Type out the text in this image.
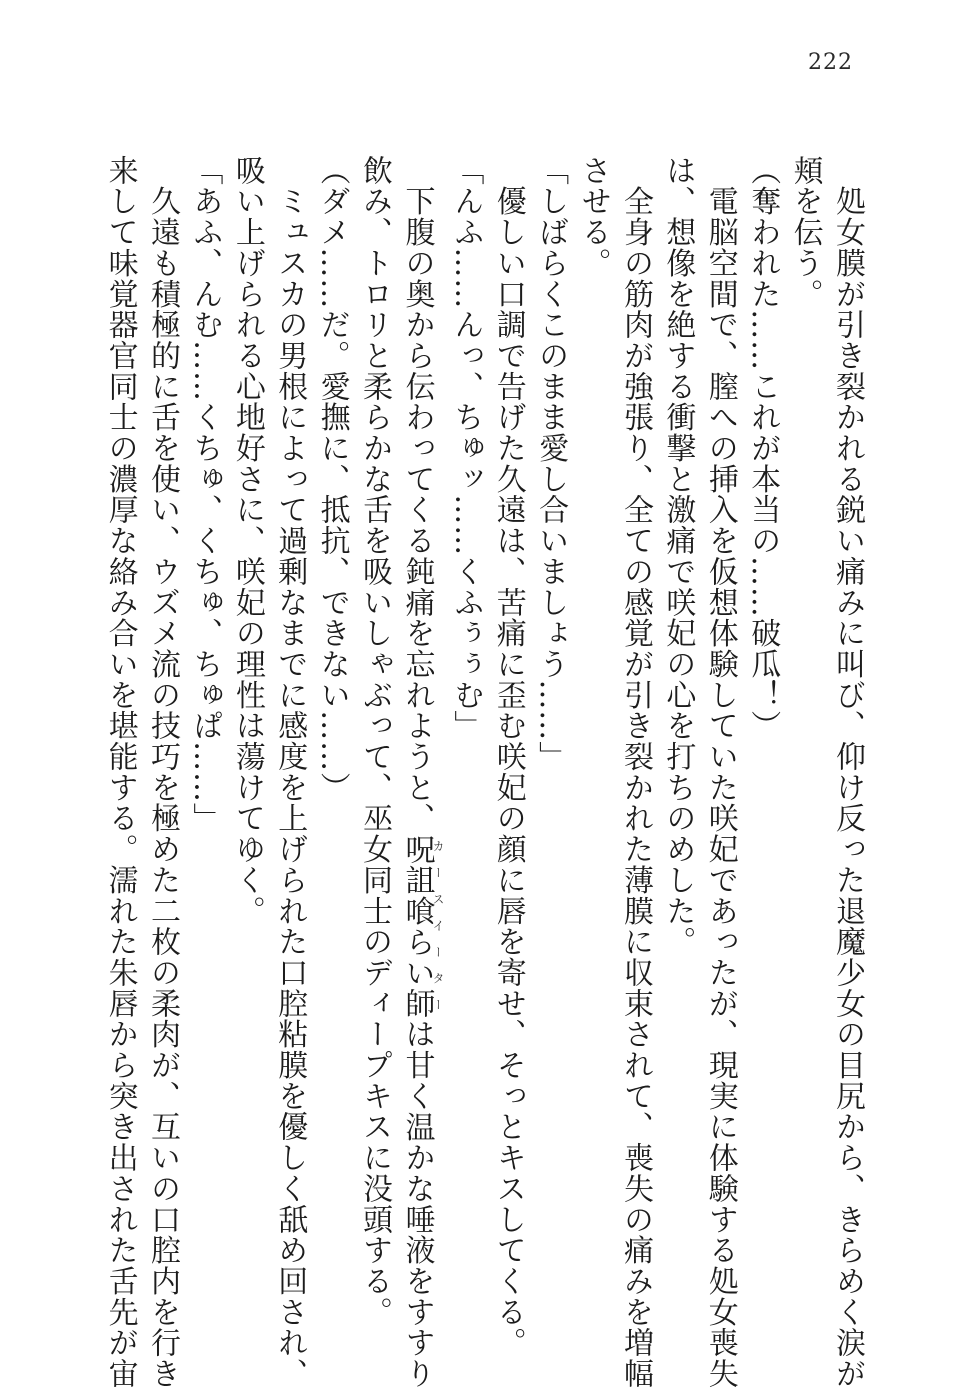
222
　処女膜が引き裂かれる鋭い痛みに叫び、仰け反った退魔少女の目尻から、きらめく涙が
頬を伝う。
（奪われた……これが本当の……破瓜！）
　電脳空間で、膣への挿入を仮想体験していた咲妃であったが、現実に体験する処女喪失
は、想像を絶する衝撃と激痛で咲妃の心を打ちのめした。
　全身の筋肉が強張り、全ての感覚が引き裂かれた薄膜に収束されて、喪失の痛みを増幅
させる。
「しばらくこのまま愛し合いましょう……」
　優しい口調で告げた久遠は、苦痛に歪む咲妃の顔に唇を寄せ、そっとキスしてくる。
「んふ……んっ、ちゅッ……くふぅぅむ」
　下腹の奥から伝わってくる鈍痛を忘れようと、呪詛喰らい師カースイーターは甘く温かな唾液をすすり
飲み、トロリと柔らかな舌を吸いしゃぶって、巫女同士のディープキスに没頭する。
（ダメ……だ。愛撫に、抵抗、できない……）
　ミュスカの男根によって過剰なまでに感度を上げられた口腔粘膜を優しく舐め回され、
吸い上げられる心地好さに、咲妃の理性は蕩けてゆく。
「あふ、んむ……くちゅ、くちゅ、ちゅぱ……」
　久遠も積極的に舌を使い、ウズメ流の技巧を極めた二枚の柔肉が、互いの口腔内を行き
来して味覚器官同士の濃厚な絡み合いを堪能する。濡れた朱唇から突き出された舌先が宙
